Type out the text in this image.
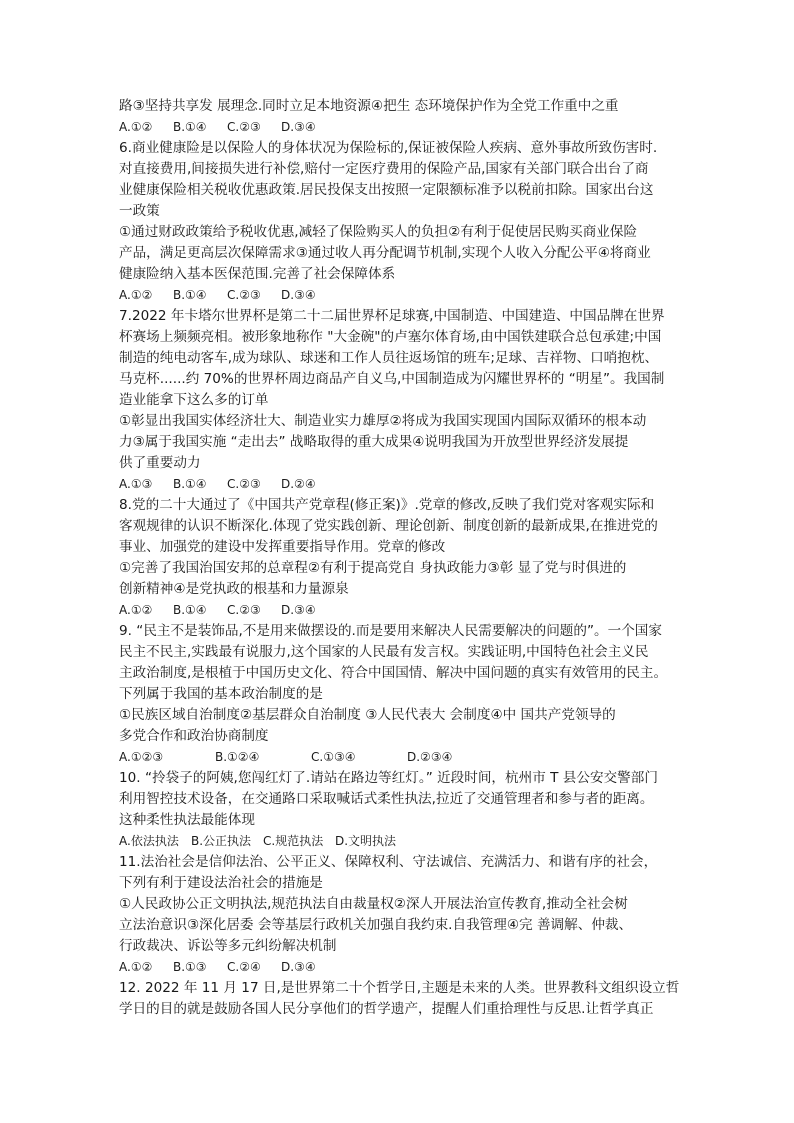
路③坚持共享发 展理念.同时立足本地资源④把生 态环境保护作为全党工作重中之重
A.①② B.①④ C.②③ D.③④
6.商业健康险是以保险人的身体状况为保险标的,保证被保险人疾病、意外事故所致伤害时.
对直接费用,间接损失进行补偿,赔付一定医疗费用的保险产品,国家有关部门联合出台了商
业健康保险相关税收优惠政策.居民投保支出按照一定限额标准予以税前扣除。国家出台这
一政策
①通过财政政策给予税收优惠,减轻了保险购买人的负担②有利于促使居民购买商业保险
产品，满足更高层次保障需求③通过收人再分配调节机制,实现个人收入分配公平④将商业
健康险纳入基本医保范围.完善了社会保障体系
A.①② B.①④ C.②③ D.③④
7.2022 年卡塔尔世界杯是第二十二届世界杯足球赛,中国制造、中国建造、中国品牌在世界
杯赛场上频频亮相。被形象地称作 "大金碗"的卢塞尔体育场,由中国铁建联合总包承建;中国
制造的纯电动客车,成为球队、球迷和工作人员往返场馆的班车;足球、吉祥物、口哨抱枕、
马克杯......约 70%的世界杯周边商品产自义乌,中国制造成为闪耀世界杯的 “明星”。我国制
造业能拿下这么多的订单
①彰显出我国实体经济壮大、制造业实力雄厚②将成为我国实现国内国际双循环的根本动
力③属于我国实施 “走出去” 战略取得的重大成果④说明我国为开放型世界经济发展提
供了重要动力
A.①③ B.①④ C.②③ D.②④
8.党的二十大通过了《中国共产党章程(修正案)》.党章的修改,反映了我们党对客观实际和
客观规律的认识不断深化.体现了党实践创新、理论创新、制度创新的最新成果,在推进党的
事业、加强党的建设中发挥重要指导作用。党章的修改
①完善了我国治国安邦的总章程②有利于提高党自 身执政能力③彰 显了党与时俱进的
创新精神④是党执政的根基和力量源泉
A.①② B.①④ C.②③ D.③④
9. “民主不是装饰品,不是用来做摆设的.而是要用来解决人民需要解决的问题的”。一个国家
民主不民主,实践最有说服力,这个国家的人民最有发言权。实践证明,中国特色社会主义民
主政治制度,是根植于中国历史文化、符合中国国情、解决中国问题的真实有效管用的民主。
下列属于我国的基本政治制度的是
①民族区域自治制度②基层群众自治制度 ③人民代表大 会制度④中 国共产党领导的
多党合作和政治协商制度
A.①②③	B.①②④	C.①③④	D.②③④
10. “拎袋子的阿姨,您闯红灯了.请站在路边等红灯。” 近段时间，杭州市 T 县公安交警部门
利用智控技术设备，在交通路口采取喊话式柔性执法,拉近了交通管理者和参与者的距离。
这种柔性执法最能体现
A.依法执法 B.公正执法 C.规范执法 D.文明执法
11.法治社会是信仰法治、公平正义、保障权利、守法诚信、充满活力、和谐有序的社会，
下列有利于建设法治社会的措施是
①人民政协公正文明执法,规范执法自由裁量权②深人开展法治宣传教育,推动全社会树
立法治意识③深化居委 会等基层行政机关加强自我约束.自我管理④完 善调解、仲裁、
行政裁决、诉讼等多元纠纷解决机制
A.①② B.①③ C.②④ D.③④
12. 2022 年 11 月 17 日,是世界第二十个哲学日,主题是未来的人类。世界教科文组织设立哲
学日的目的就是鼓励各国人民分享他们的哲学遗产，提醒人们重拾理性与反思.让哲学真正
